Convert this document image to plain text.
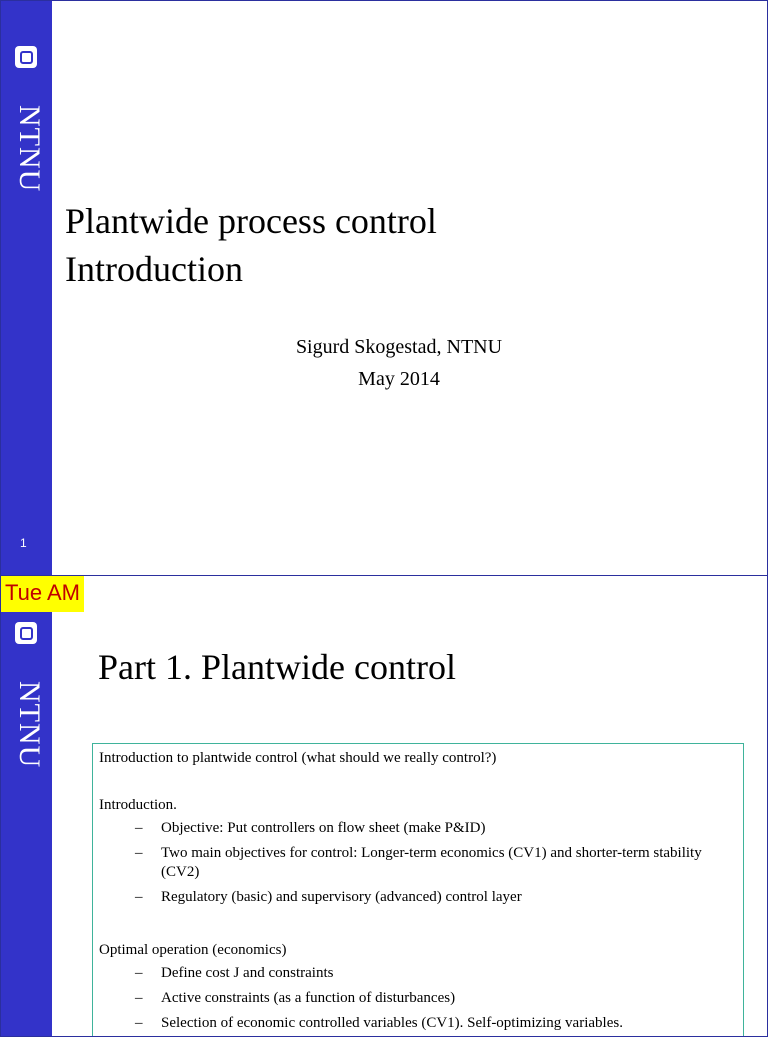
NTNU
1
Plantwide process control
Introduction
Sigurd Skogestad, NTNU
May 2014
NTNU
Tue AM
Part 1. Plantwide control

Introduction to plantwide control (what should we really control?)

Introduction.

– Objective: Put controllers on flow sheet (make P&ID)
– Two main objectives for control: Longer-term economics (CV1) and shorter-term stability (CV2)
– Regulatory (basic) and supervisory (advanced) control layer

Optimal operation (economics)

– Define cost J and constraints
– Active constraints (as a function of disturbances)
– Selection of economic controlled variables (CV1). Self-optimizing variables.
